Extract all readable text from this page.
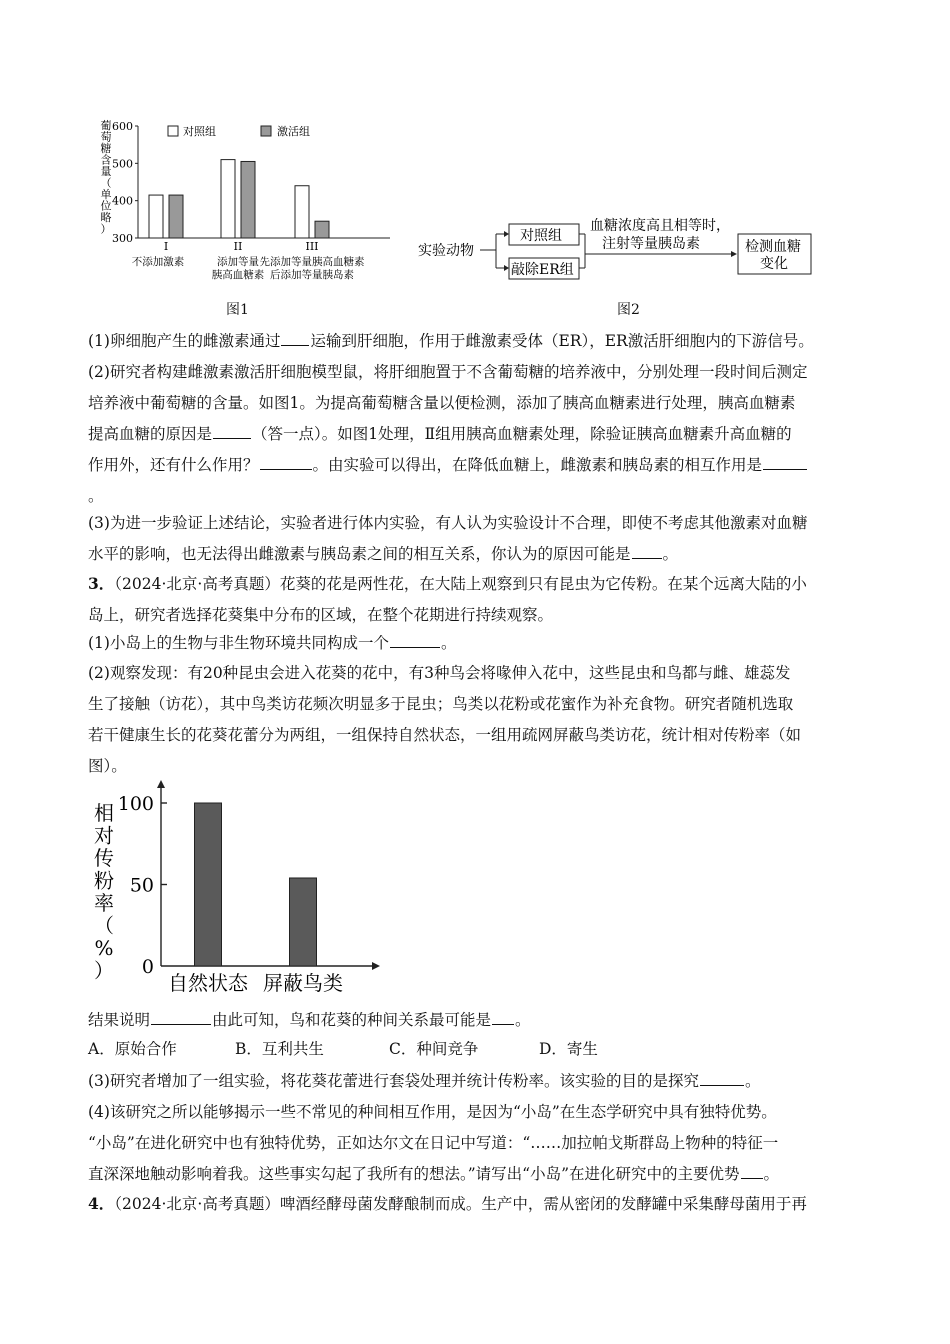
葡
萄
糖
含
量
（
单
位
略
）
300
400
500
600	对照组	激活组
I
不添加激素
II
添加等量
胰高血糖素
III
先添加等量胰高血糖素
后添加等量胰岛素
图1
实验动物
对照组
敲除ER组
血糖浓度高且相等时，
注射等量胰岛素	检测血糖
变化
图2

(1)卵细胞产生的雌激素通过 运输到肝细胞，作用于雌激素受体（ER），ER激活肝细胞内的下游信号。

(2)研究者构建雌激素激活肝细胞模型鼠，将肝细胞置于不含葡萄糖的培养液中，分别处理一段时间后测定
培养液中葡萄糖的含量。如图1。为提高葡萄糖含量以便检测，添加了胰高血糖素进行处理，胰高血糖素
提高血糖的原因是	（答一点）。如图1处理，Ⅱ组用胰高血糖素处理，除验证胰高血糖素升高血糖的
作用外，还有什么作用？	。由实验可以得出，在降低血糖上，雌激素和胰岛素的相互作用是
。

(3)为进一步验证上述结论，实验者进行体内实验，有人认为实验设计不合理，即使不考虑其他激素对血糖
水平的影响，也无法得出雌激素与胰岛素之间的相互关系，你认为的原因可能是 。

3．（2024·北京·高考真题）花葵的花是两性花，在大陆上观察到只有昆虫为它传粉。在某个远离大陆的小
岛上，研究者选择花葵集中分布的区域，在整个花期进行持续观察。

(1)小岛上的生物与非生物环境共同构成一个	。

(2)观察发现：有20种昆虫会进入花葵的花中，有3种鸟会将喙伸入花中，这些昆虫和鸟都与雌、雄蕊发
生了接触（访花），其中鸟类访花频次明显多于昆虫；鸟类以花粉或花蜜作为补充食物。研究者随机选取
若干健康生长的花葵花蕾分为两组，一组保持自然状态，一组用疏网屏蔽鸟类访花，统计相对传粉率（如
图）。

相
对
传
粉
率
（
%
） 0
50
100
自然状态 屏蔽鸟类

结果说明	由此可知，鸟和花葵的种间关系最可能是 。

A．原始合作	B．互利共生	C．种间竞争	D．寄生

(3)研究者增加了一组实验，将花葵花蕾进行套袋处理并统计传粉率。该实验的目的是探究	。

(4)该研究之所以能够揭示一些不常见的种间相互作用，是因为“小岛”在生态学研究中具有独特优势。
“小岛”在进化研究中也有独特优势，正如达尔文在日记中写道：“……加拉帕戈斯群岛上物种的特征一
直深深地触动影响着我。这些事实勾起了我所有的想法。”请写出“小岛”在进化研究中的主要优势 。

4．（2024·北京·高考真题）啤酒经酵母菌发酵酿制而成。生产中，需从密闭的发酵罐中采集酵母菌用于再
